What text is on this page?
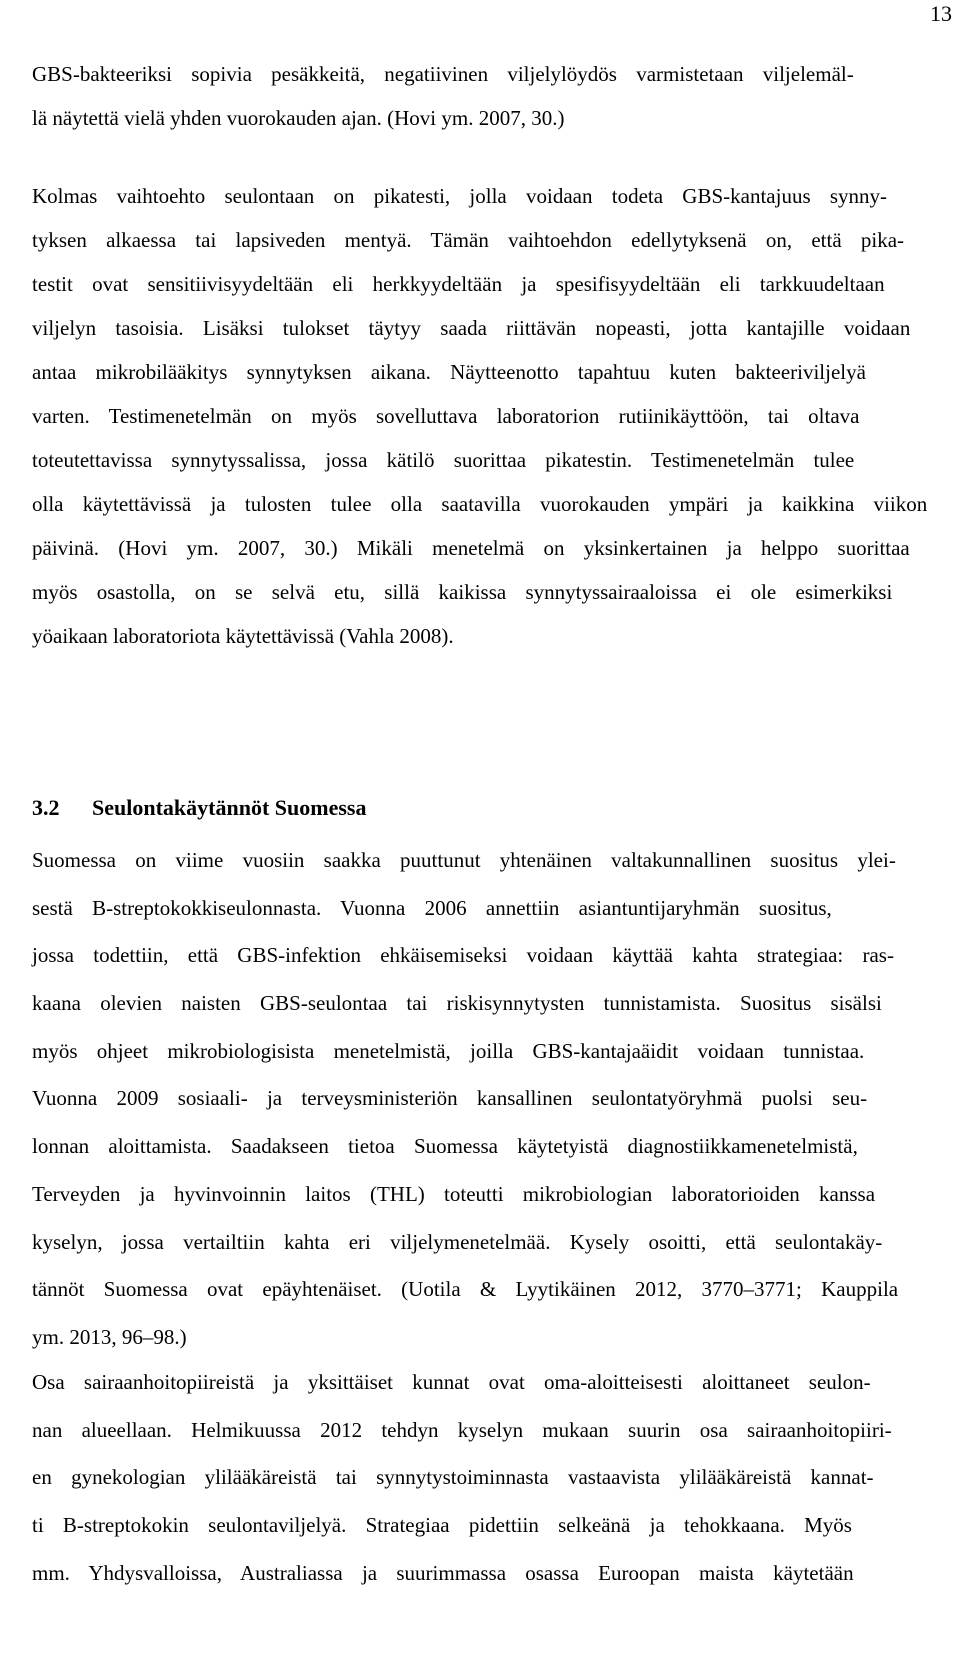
13

GBS-bakteeriksi sopivia pesäkkeitä, negatiivinen viljelylöydös varmistetaan viljelemäl-
lä näytettä vielä yhden vuorokauden ajan. (Hovi ym. 2007, 30.)

Kolmas vaihtoehto seulontaan on pikatesti, jolla voidaan todeta GBS-kantajuus synny-
tyksen alkaessa tai lapsiveden mentyä. Tämän vaihtoehdon edellytyksenä on, että pika-
testit ovat sensitiivisyydeltään eli herkkyydeltään ja spesifisyydeltään eli tarkkuudeltaan
viljelyn tasoisia. Lisäksi tulokset täytyy saada riittävän nopeasti, jotta kantajille voidaan
antaa mikrobilääkitys synnytyksen aikana. Näytteenotto tapahtuu kuten bakteeriviljelyä
varten. Testimenetelmän on myös sovelluttava laboratorion rutiinikäyttöön, tai oltava
toteutettavissa synnytyssalissa, jossa kätilö suorittaa pikatestin. Testimenetelmän tulee
olla käytettävissä ja tulosten tulee olla saatavilla vuorokauden ympäri ja kaikkina viikon
päivinä. (Hovi ym. 2007, 30.) Mikäli menetelmä on yksinkertainen ja helppo suorittaa
myös osastolla, on se selvä etu, sillä kaikissa synnytyssairaaloissa ei ole esimerkiksi
yöaikaan laboratoriota käytettävissä (Vahla 2008).

3.2 Seulontakäytännöt Suomessa

Suomessa on viime vuosiin saakka puuttunut yhtenäinen valtakunnallinen suositus ylei-
sestä B-streptokokkiseulonnasta. Vuonna 2006 annettiin asiantuntijaryhmän suositus,
jossa todettiin, että GBS-infektion ehkäisemiseksi voidaan käyttää kahta strategiaa: ras-
kaana olevien naisten GBS-seulontaa tai riskisynnytysten tunnistamista. Suositus sisälsi
myös ohjeet mikrobiologisista menetelmistä, joilla GBS-kantajaäidit voidaan tunnistaa.
Vuonna 2009 sosiaali- ja terveysministeriön kansallinen seulontatyöryhmä puolsi seu-
lonnan aloittamista. Saadakseen tietoa Suomessa käytetyistä diagnostiikkamenetelmistä,
Terveyden ja hyvinvoinnin laitos (THL) toteutti mikrobiologian laboratorioiden kanssa
kyselyn, jossa vertailtiin kahta eri viljelymenetelmää. Kysely osoitti, että seulontakäy-
tännöt Suomessa ovat epäyhtenäiset. (Uotila & Lyytikäinen 2012, 3770–3771; Kauppila
ym. 2013, 96–98.)

Osa sairaanhoitopiireistä ja yksittäiset kunnat ovat oma-aloitteisesti aloittaneet seulon-
nan alueellaan. Helmikuussa 2012 tehdyn kyselyn mukaan suurin osa sairaanhoitopiiri-
en gynekologian ylilääkäreistä tai synnytystoiminnasta vastaavista ylilääkäreistä kannat-
ti B-streptokokin seulontaviljelyä. Strategiaa pidettiin selkeänä ja tehokkaana. Myös
mm. Yhdysvalloissa, Australiassa ja suurimmassa osassa Euroopan maista käytetään
